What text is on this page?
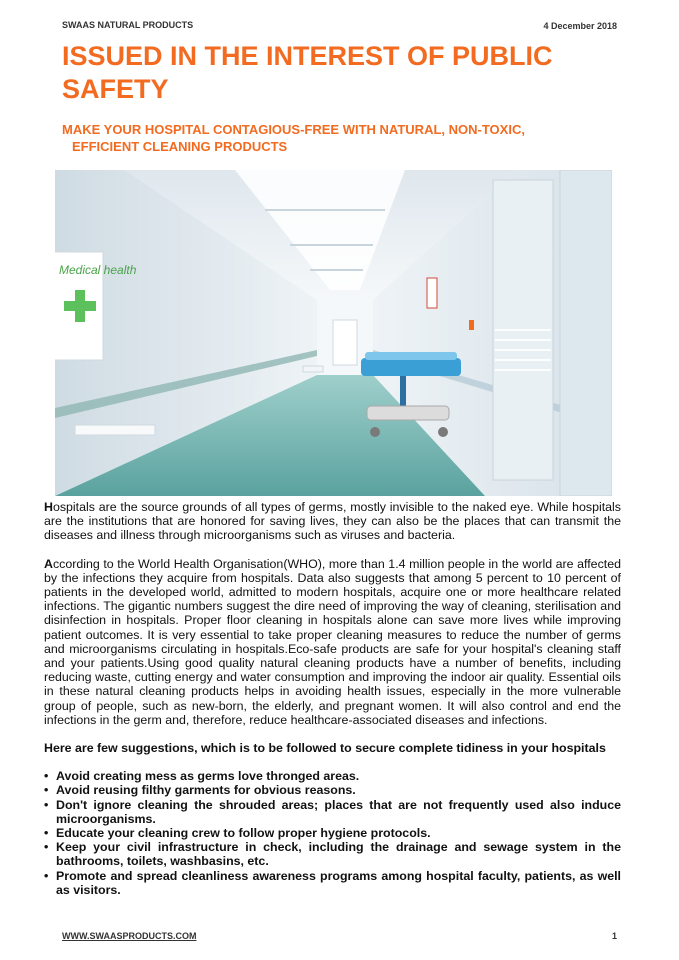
SWAAS NATURAL PRODUCTS	4 December 2018
ISSUED IN THE INTEREST OF PUBLIC SAFETY
MAKE YOUR HOSPITAL CONTAGIOUS-FREE WITH NATURAL, NON-TOXIC,
EFFICIENT CLEANING PRODUCTS
Medical health

Hospitals are the source grounds of all types of germs, mostly invisible to the naked eye. While hospitals are the institutions that are honored for saving lives, they can also be the places that can transmit the diseases and illness through microorganisms such as viruses and bacteria.

According to the World Health Organisation(WHO), more than 1.4 million people in the world are affected by the infections they acquire from hospitals. Data also suggests that among 5 percent to 10 percent of patients in the developed world, admitted to modern hospitals, acquire one or more healthcare related infections. The gigantic numbers suggest the dire need of improving the way of cleaning, sterilisation and disinfection in hospitals. Proper floor cleaning in hospitals alone can save more lives while improving patient outcomes. It is very essential to take proper cleaning measures to reduce the number of germs and microorganisms circulating in hospitals.Eco-safe products are safe for your hospital's cleaning staff and your patients.Using good quality natural cleaning products have a number of benefits, including reducing waste, cutting energy and water consumption and improving the indoor air quality. Essential oils in these natural cleaning products helps in avoiding health issues, especially in the more vulnerable group of people, such as new-born, the elderly, and pregnant women. It will also control and end the infections in the germ and, therefore, reduce healthcare-associated diseases and infections.

Here are few suggestions, which is to be followed to secure complete tidiness in your hospitals

• Avoid creating mess as germs love thronged areas.
• Avoid reusing filthy garments for obvious reasons.
• Don't ignore cleaning the shrouded areas; places that are not frequently used also induce microorganisms.
• Educate your cleaning crew to follow proper hygiene protocols.
• Keep your civil infrastructure in check, including the drainage and sewage system in the bathrooms, toilets, washbasins, etc.
• Promote and spread cleanliness awareness programs among hospital faculty, patients, as well as visitors.
WWW.SWAASPRODUCTS.COM	1
